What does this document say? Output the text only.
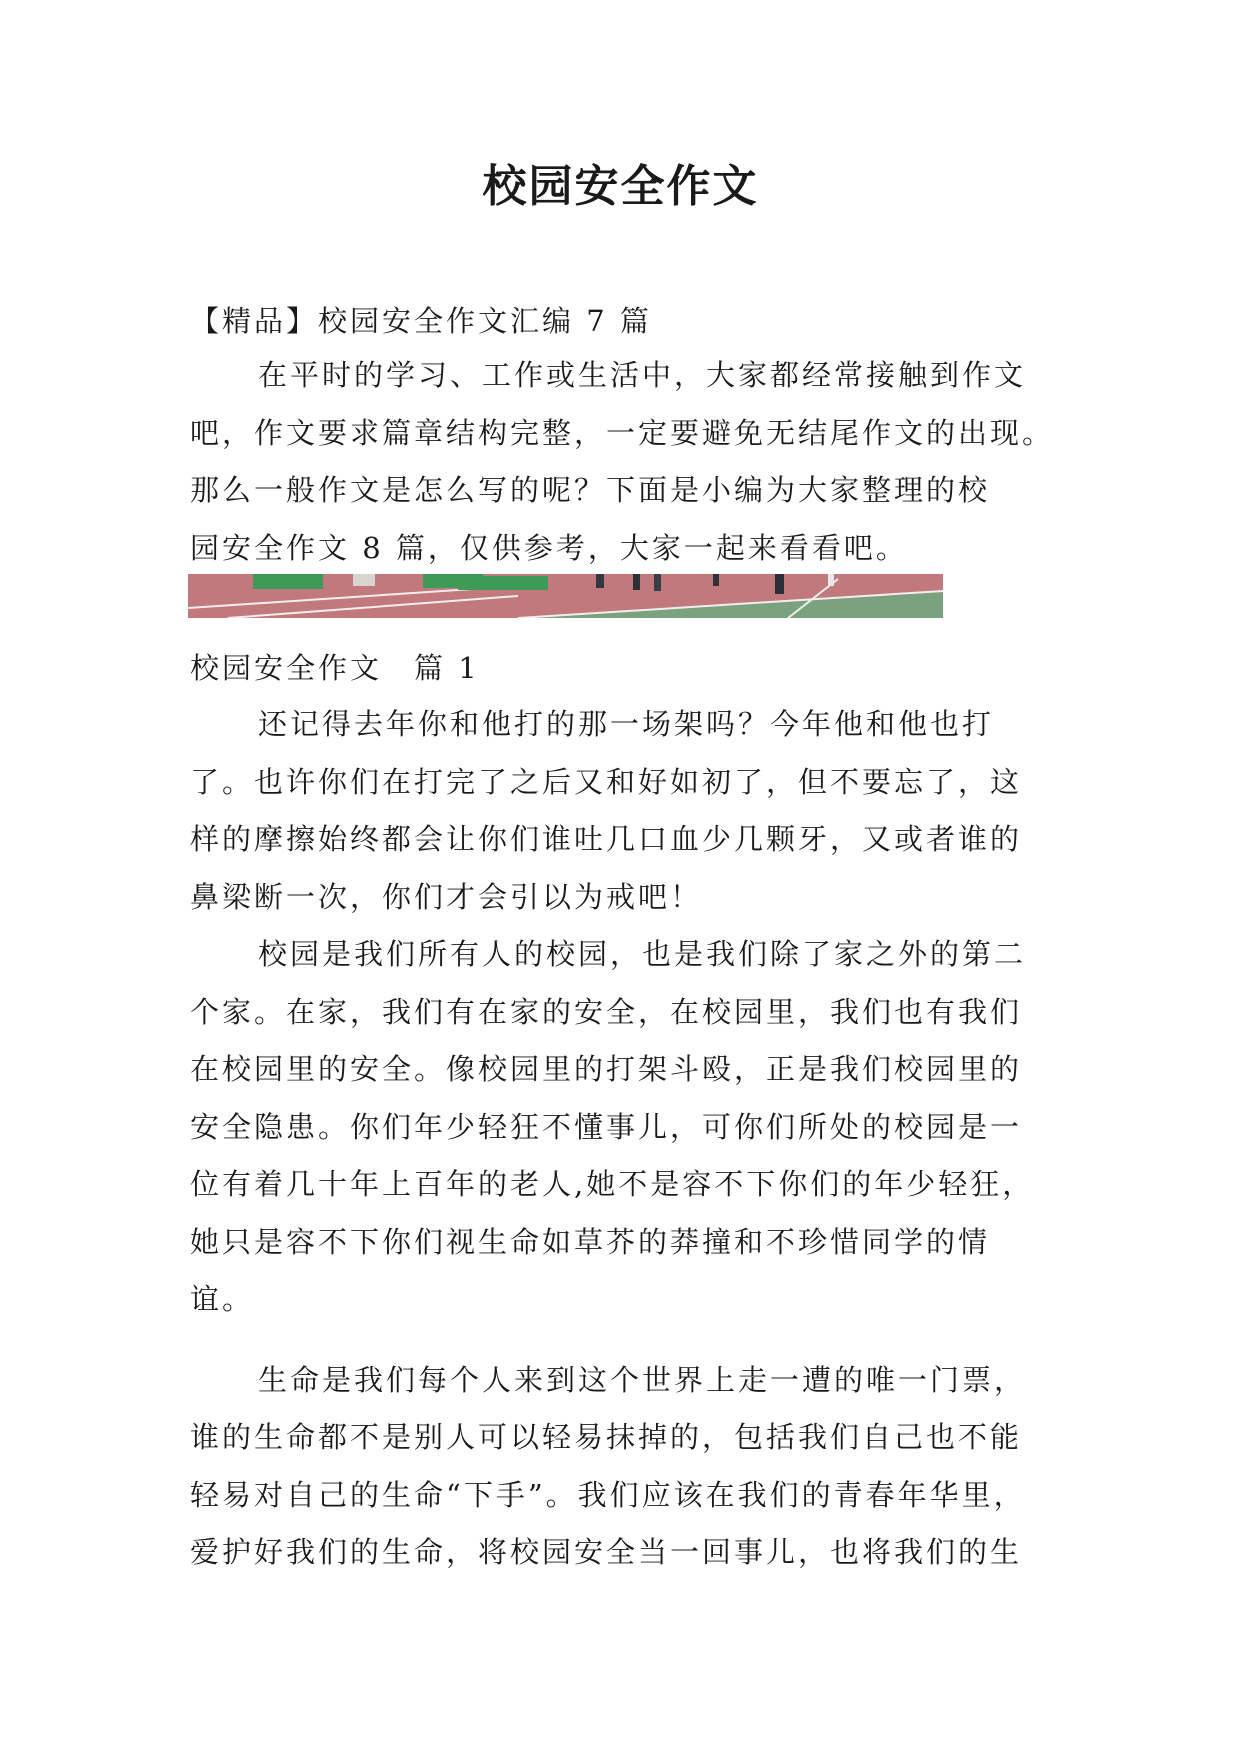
校园安全作文
【精品】校园安全作文汇编 7 篇
在平时的学习、工作或生活中，大家都经常接触到作文
吧，作文要求篇章结构完整，一定要避免无结尾作文的出现。
那么一般作文是怎么写的呢？下面是小编为大家整理的校
园安全作文 8 篇，仅供参考，大家一起来看看吧。
校园安全作文　篇 1
还记得去年你和他打的那一场架吗？今年他和他也打
了。也许你们在打完了之后又和好如初了，但不要忘了，这
样的摩擦始终都会让你们谁吐几口血少几颗牙，又或者谁的
鼻梁断一次，你们才会引以为戒吧！
校园是我们所有人的校园，也是我们除了家之外的第二
个家。在家，我们有在家的安全，在校园里，我们也有我们
在校园里的安全。像校园里的打架斗殴，正是我们校园里的
安全隐患。你们年少轻狂不懂事儿，可你们所处的校园是一
位有着几十年上百年的老人,她不是容不下你们的年少轻狂，
她只是容不下你们视生命如草芥的莽撞和不珍惜同学的情
谊。
生命是我们每个人来到这个世界上走一遭的唯一门票，
谁的生命都不是别人可以轻易抹掉的，包括我们自己也不能
轻易对自己的生命“下手”。我们应该在我们的青春年华里，
爱护好我们的生命，将校园安全当一回事儿，也将我们的生
